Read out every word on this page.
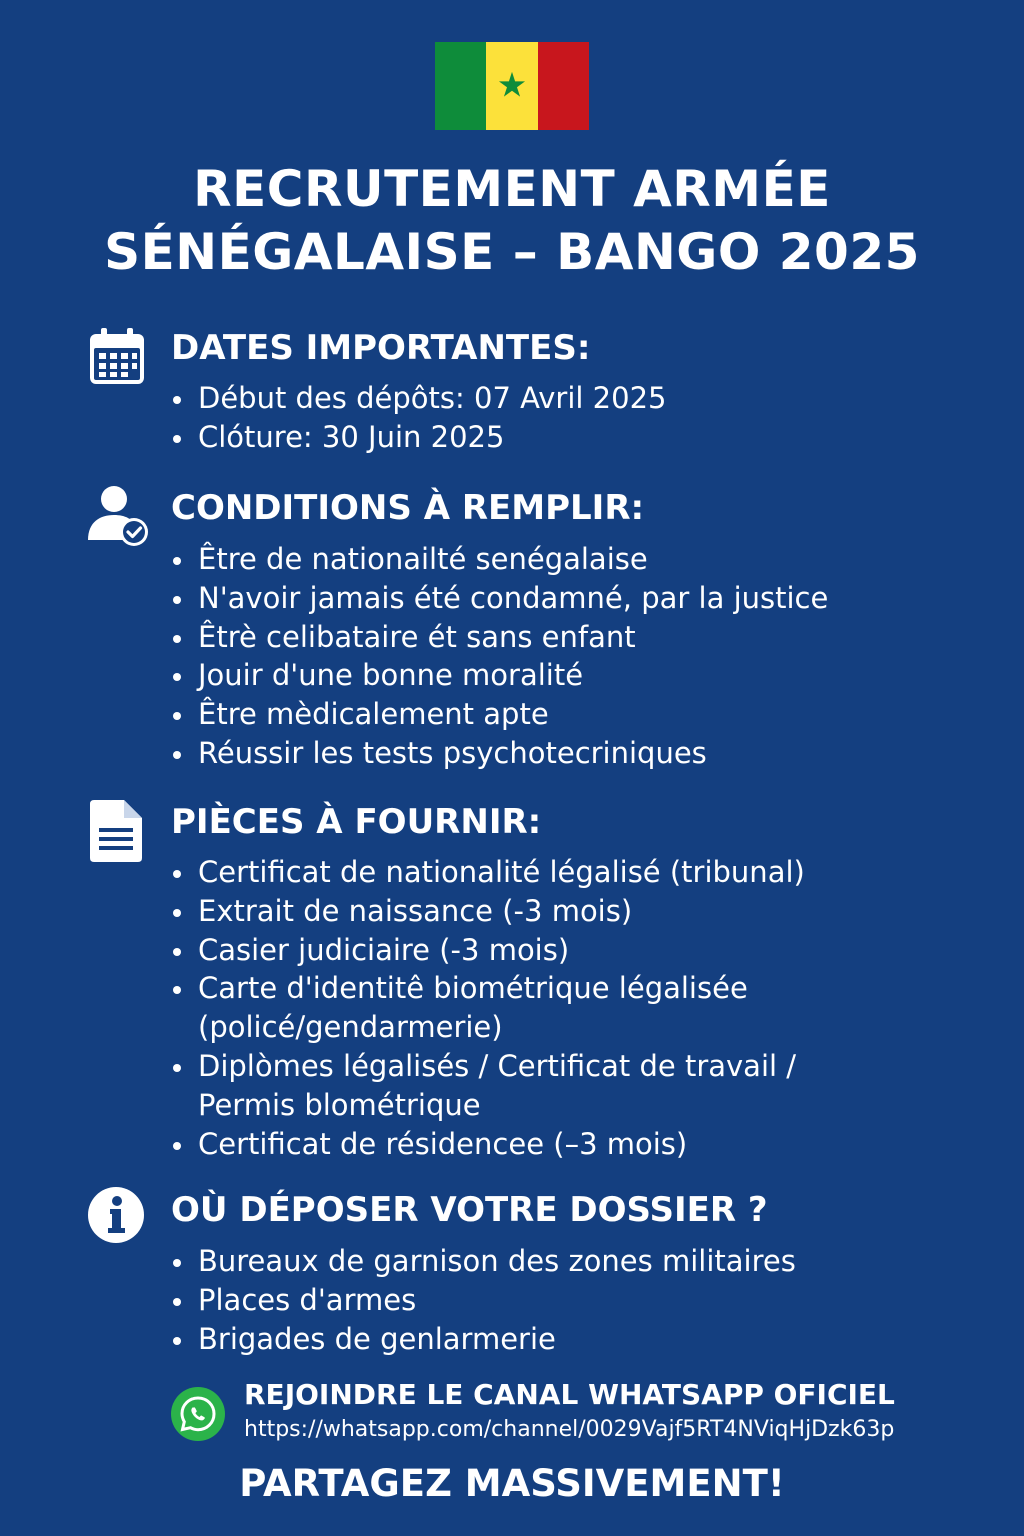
★
RECRUTEMENT ARMÉE
SÉNÉGALAISE – BANGO 2025
DATES IMPORTANTES:
Début des dépôts: 07 Avril 2025
Clóture: 30 Juin 2025
CONDITIONS À REMPLIR:
Être de nationailté senégalaise
N'avoir jamais été condamné, par la justice
Êtrè celibataire ét sans enfant
Jouir d'une bonne moralité
Être mèdicalement apte
Réussir les tests psychotecriniques
PIÈCES À FOURNIR:
Certificat de nationalité légalisé (tribunal)
Extrait de naissance (-3 mois)
Casier judiciaire (-3 mois)
Carte d'identitê biométrique légalisée
(policé/gendarmerie)
Diplòmes légalisés / Certificat de travail /
Permis blométrique
Certificat de résidencee (–3 mois)
OÙ DÉPOSER VOTRE DOSSIER ?
Bureaux de garnison des zones militaires
Places d'armes
Brigades de genlarmerie
REJOINDRE LE CANAL WHATSAPP OFICIEL
https://whatsapp.com/channel/0029Vajf5RT4NViqHjDzk63p
PARTAGEZ MASSIVEMENT!
